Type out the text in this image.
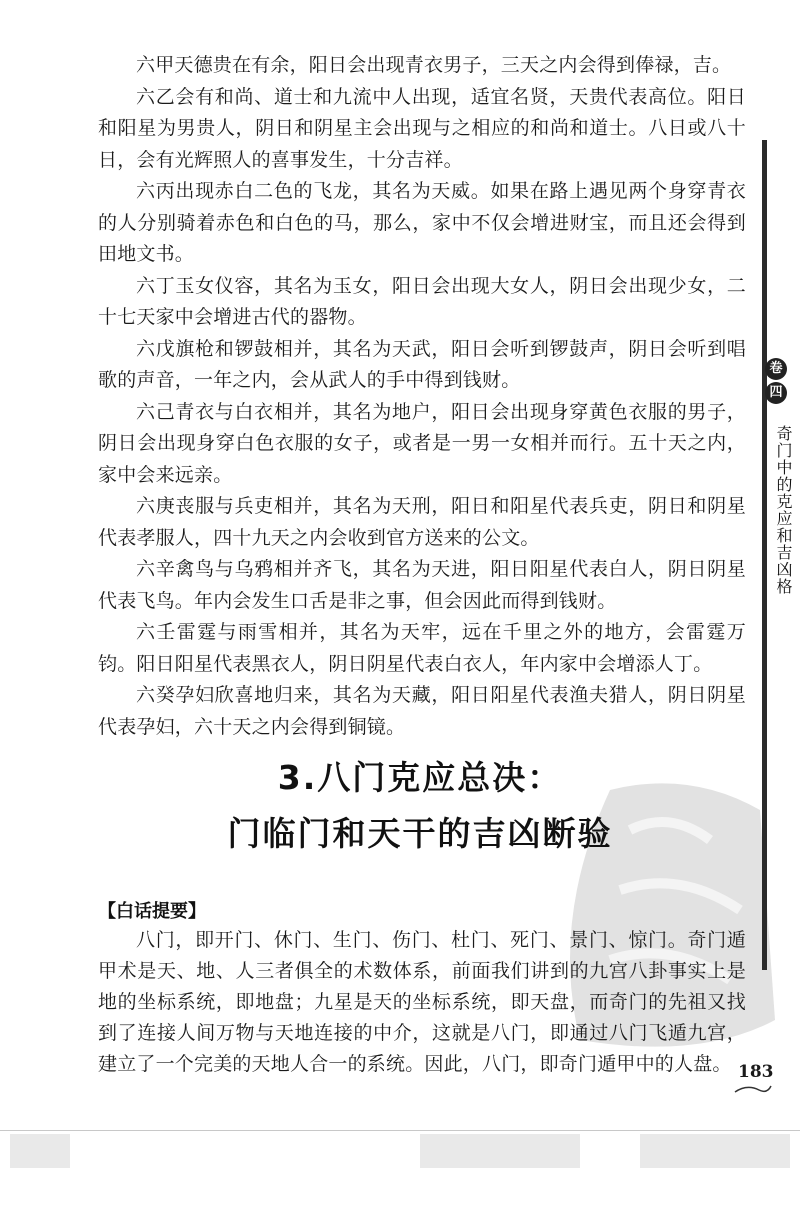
六甲天德贵在有余，阳日会出现青衣男子，三天之内会得到俸禄，吉。

六乙会有和尚、道士和九流中人出现，适宜名贤，天贵代表高位。阳日和阳星为男贵人，阴日和阴星主会出现与之相应的和尚和道士。八日或八十日，会有光辉照人的喜事发生，十分吉祥。

六丙出现赤白二色的飞龙，其名为天威。如果在路上遇见两个身穿青衣的人分别骑着赤色和白色的马，那么，家中不仅会增进财宝，而且还会得到田地文书。

六丁玉女仪容，其名为玉女，阳日会出现大女人，阴日会出现少女，二十七天家中会增进古代的器物。

六戊旗枪和锣鼓相并，其名为天武，阳日会听到锣鼓声，阴日会听到唱歌的声音，一年之内，会从武人的手中得到钱财。

六己青衣与白衣相并，其名为地户，阳日会出现身穿黄色衣服的男子，阴日会出现身穿白色衣服的女子，或者是一男一女相并而行。五十天之内，家中会来远亲。

六庚丧服与兵吏相并，其名为天刑，阳日和阳星代表兵吏，阴日和阴星代表孝服人，四十九天之内会收到官方送来的公文。

六辛禽鸟与乌鸦相并齐飞，其名为天进，阳日阳星代表白人，阴日阴星代表飞鸟。年内会发生口舌是非之事，但会因此而得到钱财。

六壬雷霆与雨雪相并，其名为天牢，远在千里之外的地方，会雷霆万钧。阳日阳星代表黑衣人，阴日阴星代表白衣人，年内家中会增添人丁。

六癸孕妇欣喜地归来，其名为天藏，阳日阳星代表渔夫猎人，阴日阴星代表孕妇，六十天之内会得到铜镜。

3.八门克应总决：
门临门和天干的吉凶断验
【白话提要】

八门，即开门、休门、生门、伤门、杜门、死门、景门、惊门。奇门遁甲术是天、地、人三者俱全的术数体系，前面我们讲到的九宫八卦事实上是地的坐标系统，即地盘；九星是天的坐标系统，即天盘，而奇门的先祖又找到了连接人间万物与天地连接的中介，这就是八门，即通过八门飞遁九宫，建立了一个完美的天地人合一的系统。因此，八门，即奇门遁甲中的人盘。

卷
四
奇门中的克应和吉凶格
183
